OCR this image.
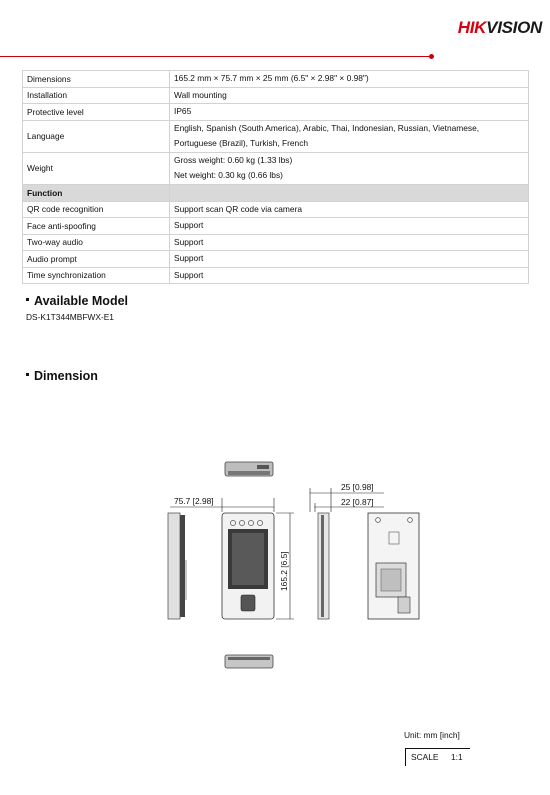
HIKVISION
Dimensions	165.2 mm × 75.7 mm × 25 mm (6.5" × 2.98" × 0.98")

Installation	Wall mounting

Protective level	IP65

Language	English, Spanish (South America), Arabic, Thai, Indonesian, Russian, Vietnamese,
Portuguese (Brazil), Turkish, French

Weight	Gross weight: 0.60 kg (1.33 lbs)
Net weight: 0.30 kg (0.66 lbs)

Function	
QR code recognition	Support scan QR code via camera

Face anti-spoofing	Support

Two-way audio	Support

Audio prompt	Support

Time synchronization	Support
Available Model
DS-K1T344MBFWX-E1
Dimension
75.7 [2.98]
165.2 [6.5]
25 [0.98]
22 [0.87]
Unit: mm [inch]
SCALE 1:1
